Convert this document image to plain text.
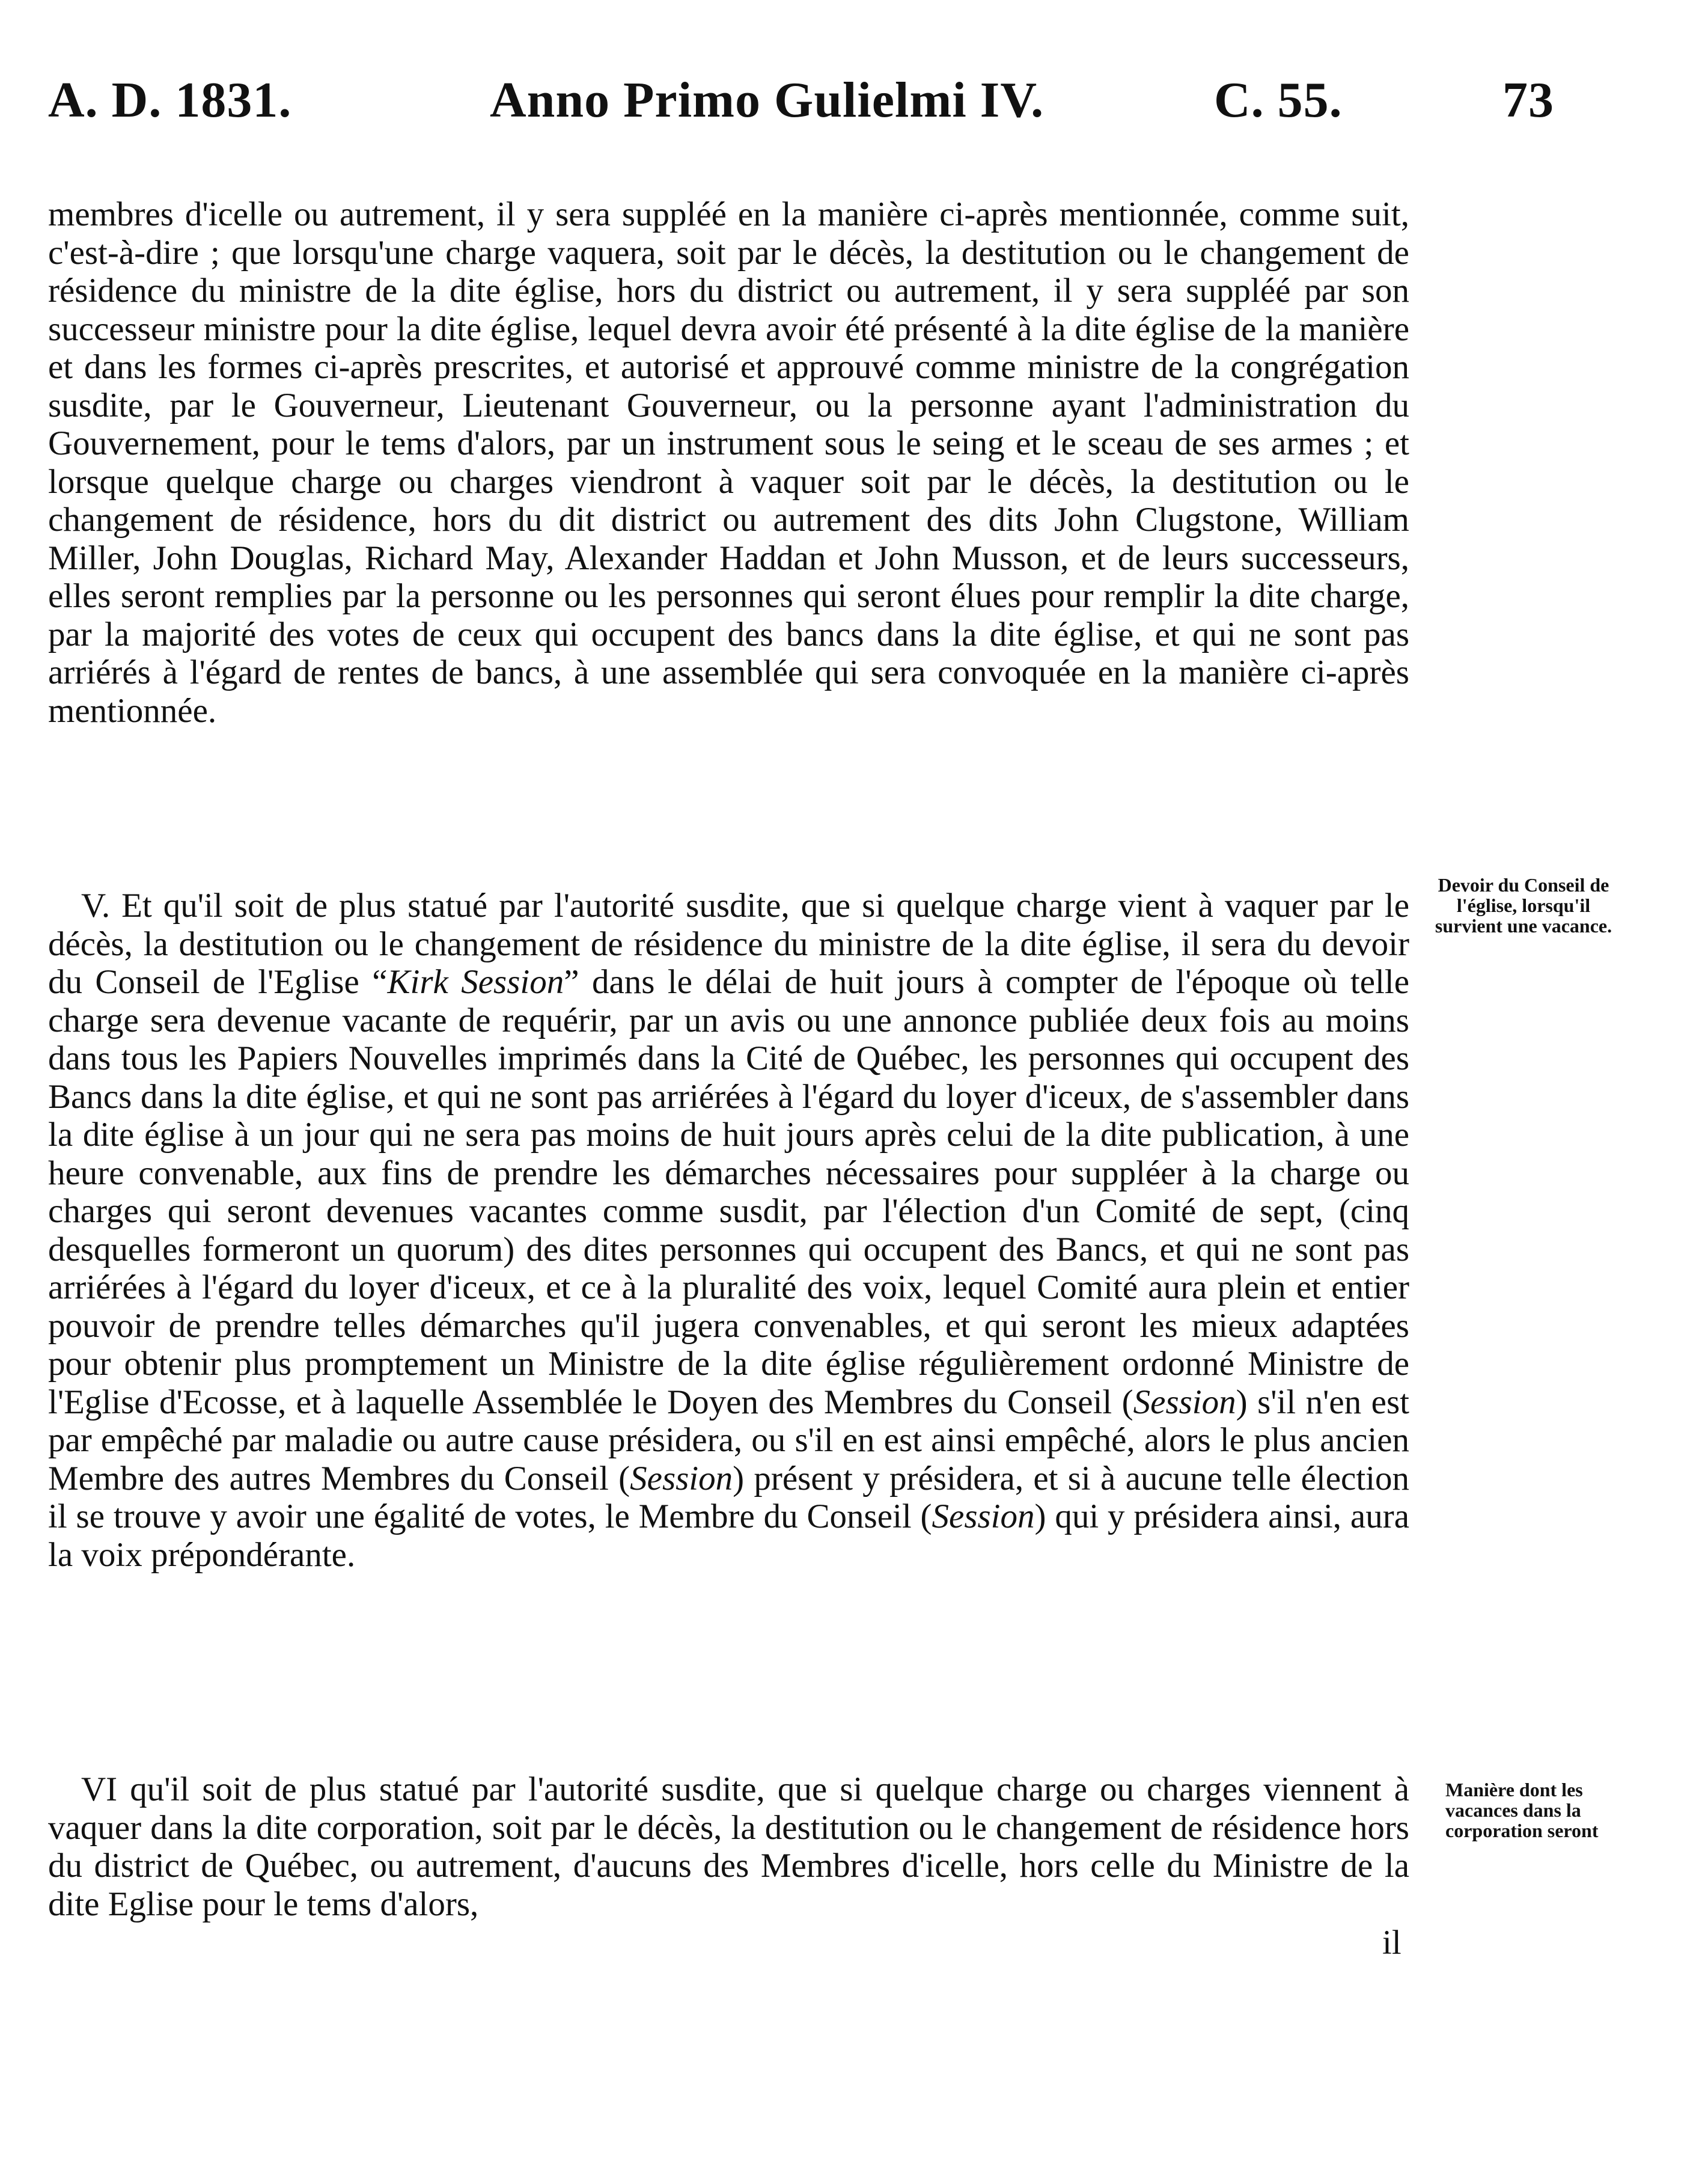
A. D. 1831.	Anno Primo Gulielmi IV.	C. 55.	73

membres d'icelle ou autrement, il y sera suppléé en la manière ci-après mentionnée, comme suit, c'est-à-dire ; que lorsqu'une charge vaquera, soit par le décès, la destitution ou le changement de résidence du ministre de la dite église, hors du district ou autrement, il y sera suppléé par son successeur ministre pour la dite église, lequel devra avoir été présenté à la dite église de la manière et dans les formes ci-après prescrites, et autorisé et approuvé comme ministre de la congrégation susdite, par le Gouverneur, Lieutenant Gouverneur, ou la personne ayant l'administration du Gouvernement, pour le tems d'alors, par un instrument sous le seing et le sceau de ses armes ; et lorsque quelque charge ou charges viendront à vaquer soit par le décès, la destitution ou le changement de résidence, hors du dit district ou autrement des dits John Clugstone, William Miller, John Douglas, Richard May, Alexander Haddan et John Musson, et de leurs successeurs, elles seront remplies par la personne ou les personnes qui seront élues pour remplir la dite charge, par la majorité des votes de ceux qui occupent des bancs dans la dite église, et qui ne sont pas arriérés à l'égard de rentes de bancs, à une assemblée qui sera convoquée en la manière ci-après mentionnée.

V. Et qu'il soit de plus statué par l'autorité susdite, que si quelque charge vient à vaquer par le décès, la destitution ou le changement de résidence du ministre de la dite église, il sera du devoir du Conseil de l'Eglise “Kirk Session” dans le délai de huit jours à compter de l'époque où telle charge sera devenue vacante de requérir, par un avis ou une annonce publiée deux fois au moins dans tous les Papiers Nouvelles imprimés dans la Cité de Québec, les personnes qui occupent des Bancs dans la dite église, et qui ne sont pas arriérées à l'égard du loyer d'iceux, de s'assembler dans la dite église à un jour qui ne sera pas moins de huit jours après celui de la dite publication, à une heure convenable, aux fins de prendre les démarches nécessaires pour suppléer à la charge ou charges qui seront devenues vacantes comme susdit, par l'élection d'un Comité de sept, (cinq desquelles formeront un quorum) des dites personnes qui occupent des Bancs, et qui ne sont pas arriérées à l'égard du loyer d'iceux, et ce à la pluralité des voix, lequel Comité aura plein et entier pouvoir de prendre telles démarches qu'il jugera convenables, et qui seront les mieux adaptées pour obtenir plus promptement un Ministre de la dite église régulièrement ordonné Ministre de l'Eglise d'Ecosse, et à laquelle Assemblée le Doyen des Membres du Conseil (Session) s'il n'en est par empêché par maladie ou autre cause présidera, ou s'il en est ainsi empêché, alors le plus ancien Membre des autres Membres du Conseil (Session) présent y présidera, et si à aucune telle élection il se trouve y avoir une égalité de votes, le Membre du Conseil (Session) qui y présidera ainsi, aura la voix prépondérante.

Devoir du Conseil de l'église, lorsqu'il survient une vacance.

VI qu'il soit de plus statué par l'autorité susdite, que si quelque charge ou charges viennent à vaquer dans la dite corporation, soit par le décès, la destitution ou le changement de résidence hors du district de Québec, ou autrement, d'aucuns des Membres d'icelle, hors celle du Ministre de la dite Eglise pour le tems d'alors,

il
Manière dont les vacances dans la corporation seront
